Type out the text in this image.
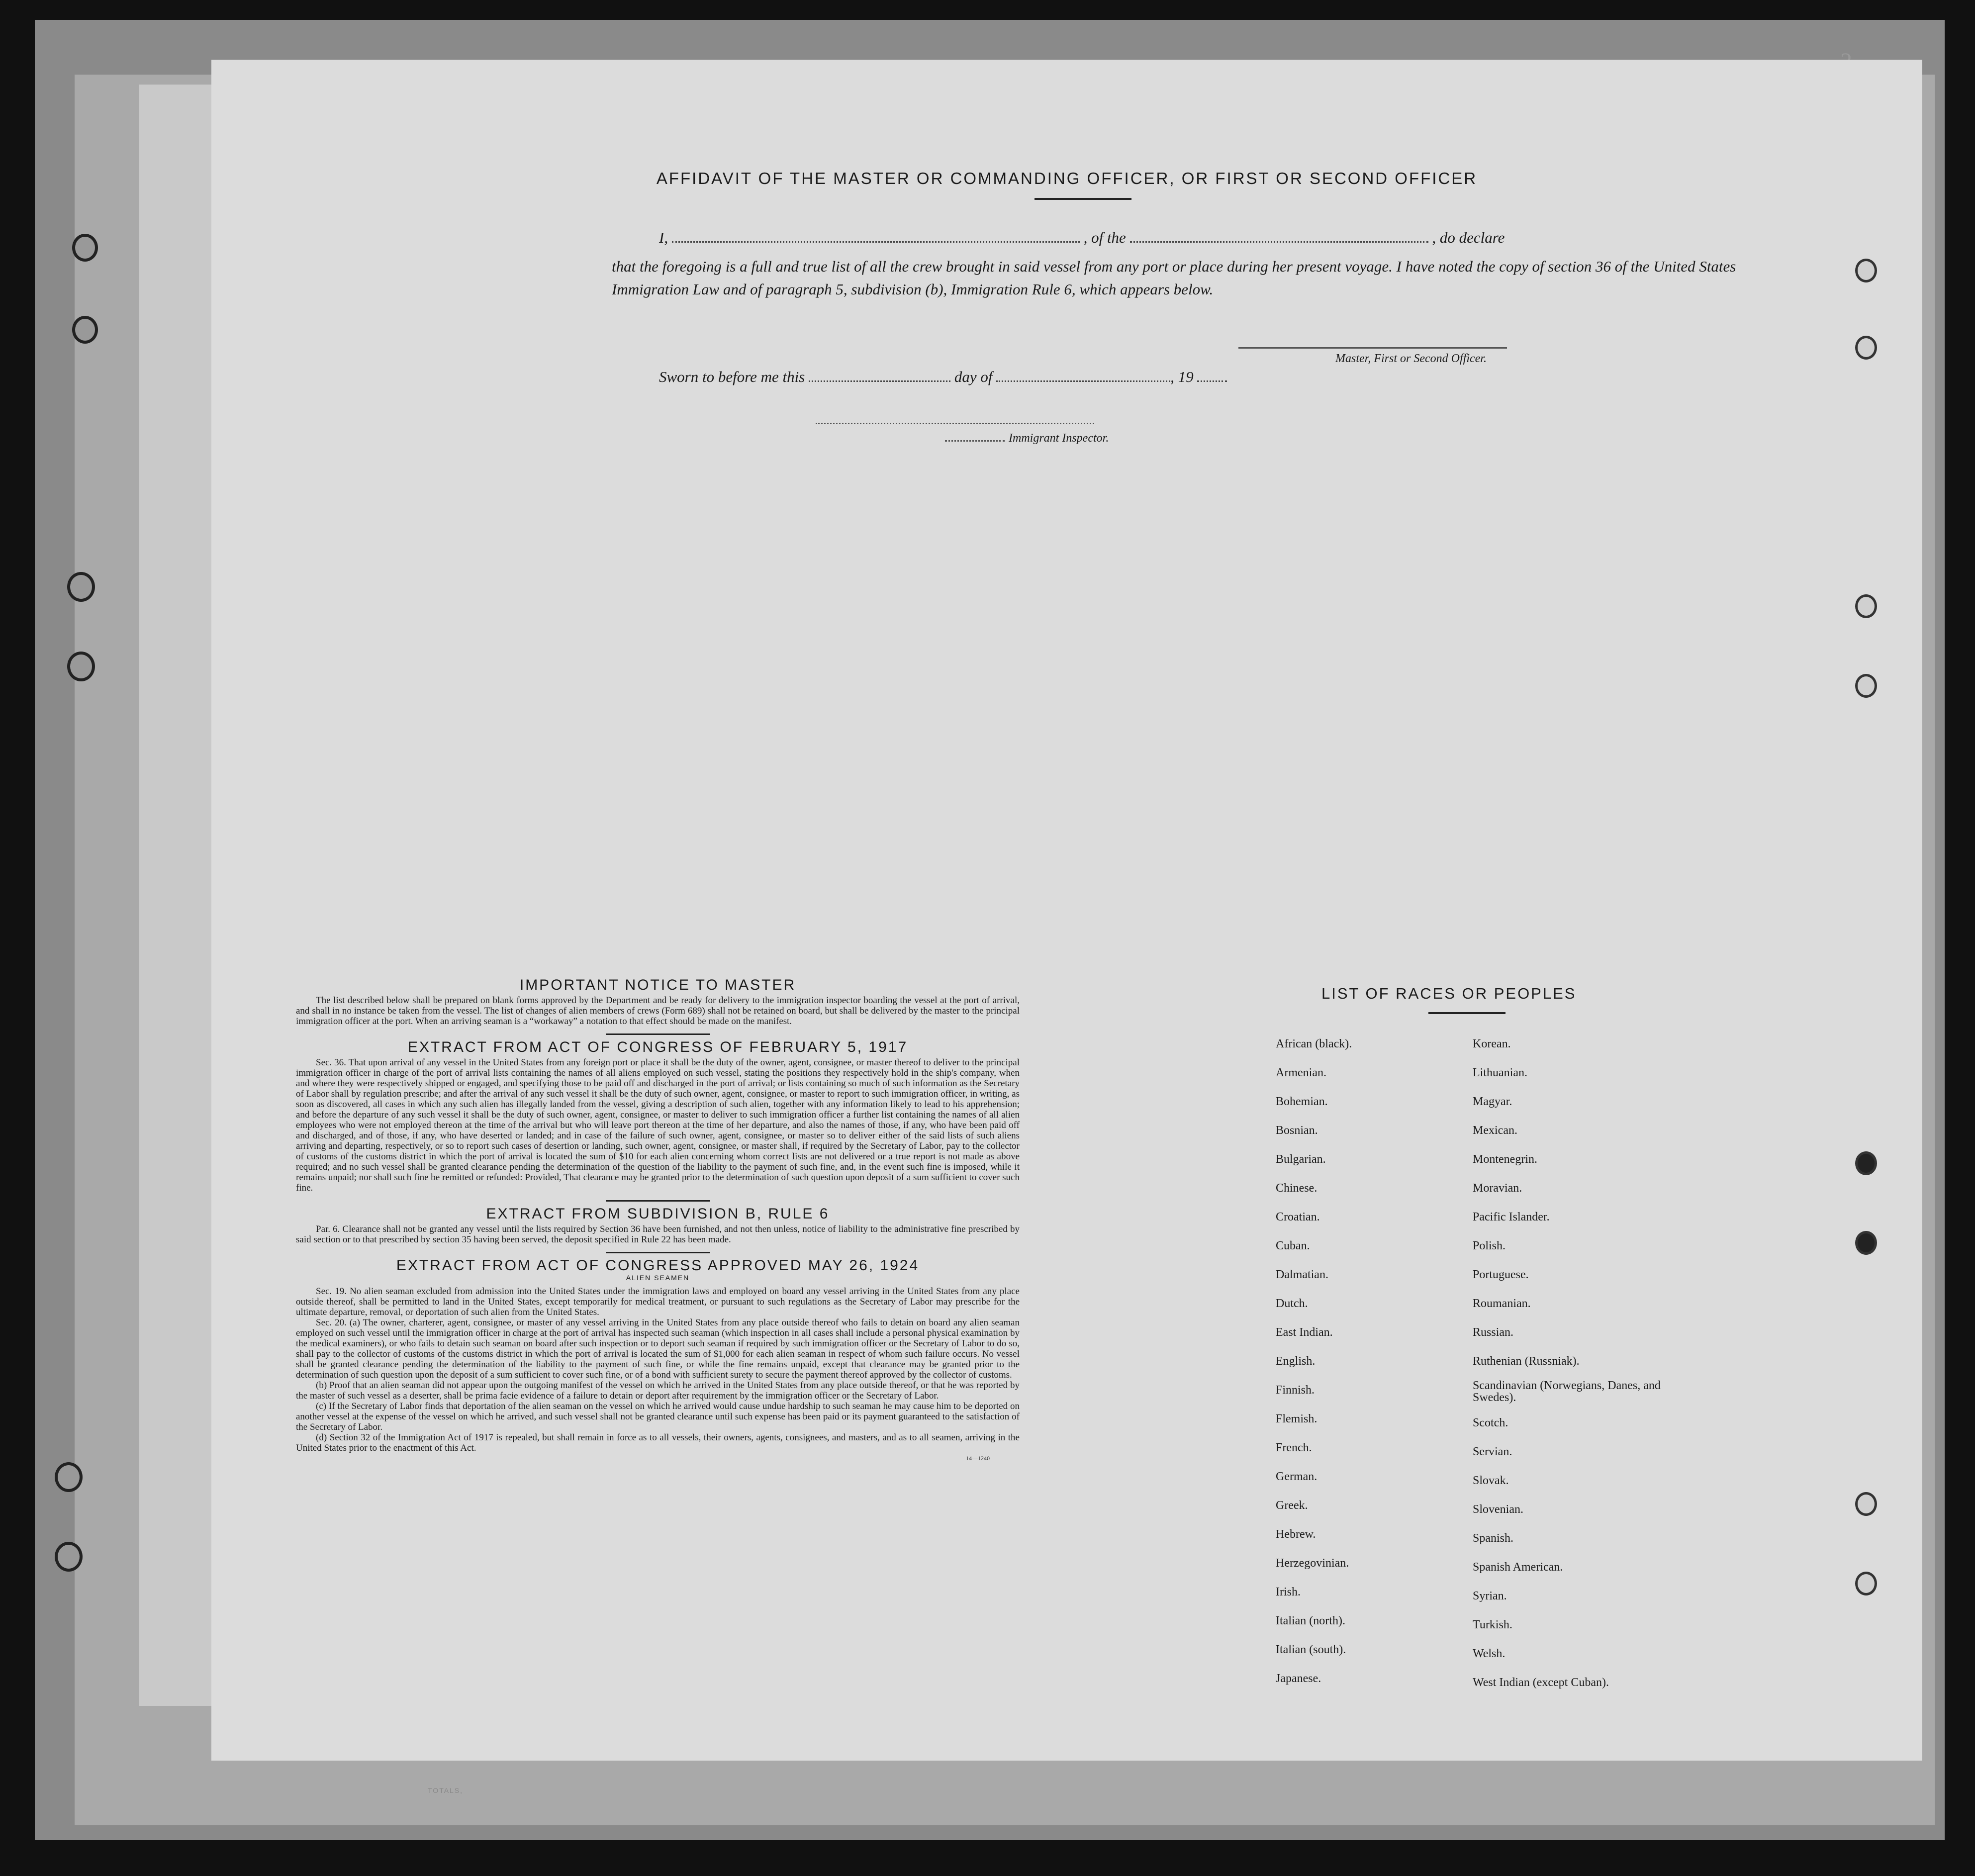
TOTALS,
AFFIDAVIT OF THE MASTER OR COMMANDING OFFICER, OR FIRST OR SECOND OFFICER
I,	, of the	, do declare
that the foregoing is a full and true list of all the crew brought in said vessel from any port or place during her present voyage. I have noted the copy of section 36 of the United States Immigration Law and of paragraph 5, subdivision (b), Immigration Rule 6, which appears below.
Master, First or Second Officer.
Sworn to before me this	day of	, 19
Immigrant Inspector.

IMPORTANT NOTICE TO MASTER

The list described below shall be prepared on blank forms approved by the Department and be ready for delivery to the immigration inspector boarding the vessel at the port of arrival, and shall in no instance be taken from the vessel. The list of changes of alien members of crews (Form 689) shall not be retained on board, but shall be delivered by the master to the principal immigration officer at the port. When an arriving seaman is a “workaway” a notation to that effect should be made on the manifest.

EXTRACT FROM ACT OF CONGRESS OF FEBRUARY 5, 1917

Sec. 36. That upon arrival of any vessel in the United States from any foreign port or place it shall be the duty of the owner, agent, consignee, or master thereof to deliver to the principal immigration officer in charge of the port of arrival lists containing the names of all aliens employed on such vessel, stating the positions they respectively hold in the ship's company, when and where they were respectively shipped or engaged, and specifying those to be paid off and discharged in the port of arrival; or lists containing so much of such information as the Secretary of Labor shall by regulation prescribe; and after the arrival of any such vessel it shall be the duty of such owner, agent, consignee, or master to report to such immigration officer, in writing, as soon as discovered, all cases in which any such alien has illegally landed from the vessel, giving a description of such alien, together with any information likely to lead to his apprehension; and before the departure of any such vessel it shall be the duty of such owner, agent, consignee, or master to deliver to such immigration officer a further list containing the names of all alien employees who were not employed thereon at the time of the arrival but who will leave port thereon at the time of her departure, and also the names of those, if any, who have been paid off and discharged, and of those, if any, who have deserted or landed; and in case of the failure of such owner, agent, consignee, or master so to deliver either of the said lists of such aliens arriving and departing, respectively, or so to report such cases of desertion or landing, such owner, agent, consignee, or master shall, if required by the Secretary of Labor, pay to the collector of customs of the customs district in which the port of arrival is located the sum of $10 for each alien concerning whom correct lists are not delivered or a true report is not made as above required; and no such vessel shall be granted clearance pending the determination of the question of the liability to the payment of such fine, and, in the event such fine is imposed, while it remains unpaid; nor shall such fine be remitted or refunded: Provided, That clearance may be granted prior to the determination of such question upon deposit of a sum sufficient to cover such fine.

EXTRACT FROM SUBDIVISION B, RULE 6

Par. 6. Clearance shall not be granted any vessel until the lists required by Section 36 have been furnished, and not then unless, notice of liability to the administrative fine prescribed by said section or to that prescribed by section 35 having been served, the deposit specified in Rule 22 has been made.

EXTRACT FROM ACT OF CONGRESS APPROVED MAY 26, 1924

ALIEN SEAMEN

Sec. 19. No alien seaman excluded from admission into the United States under the immigration laws and employed on board any vessel arriving in the United States from any place outside thereof, shall be permitted to land in the United States, except temporarily for medical treatment, or pursuant to such regulations as the Secretary of Labor may prescribe for the ultimate departure, removal, or deportation of such alien from the United States.

Sec. 20. (a) The owner, charterer, agent, consignee, or master of any vessel arriving in the United States from any place outside thereof who fails to detain on board any alien seaman employed on such vessel until the immigration officer in charge at the port of arrival has inspected such seaman (which inspection in all cases shall include a personal physical examination by the medical examiners), or who fails to detain such seaman on board after such inspection or to deport such seaman if required by such immigration officer or the Secretary of Labor to do so, shall pay to the collector of customs of the customs district in which the port of arrival is located the sum of $1,000 for each alien seaman in respect of whom such failure occurs. No vessel shall be granted clearance pending the determination of the liability to the payment of such fine, or while the fine remains unpaid, except that clearance may be granted prior to the determination of such question upon the deposit of a sum sufficient to cover such fine, or of a bond with sufficient surety to secure the payment thereof approved by the collector of customs.

(b) Proof that an alien seaman did not appear upon the outgoing manifest of the vessel on which he arrived in the United States from any place outside thereof, or that he was reported by the master of such vessel as a deserter, shall be prima facie evidence of a failure to detain or deport after requirement by the immigration officer or the Secretary of Labor.

(c) If the Secretary of Labor finds that deportation of the alien seaman on the vessel on which he arrived would cause undue hardship to such seaman he may cause him to be deported on another vessel at the expense of the vessel on which he arrived, and such vessel shall not be granted clearance until such expense has been paid or its payment guaranteed to the satisfaction of the Secretary of Labor.

(d) Section 32 of the Immigration Act of 1917 is repealed, but shall remain in force as to all vessels, their owners, agents, consignees, and masters, and as to all seamen, arriving in the United States prior to the enactment of this Act.

14—1240
LIST OF RACES OR PEOPLES
African (black).
Armenian.
Bohemian.
Bosnian.
Bulgarian.
Chinese.
Croatian.
Cuban.
Dalmatian.
Dutch.
East Indian.
English.
Finnish.
Flemish.
French.
German.
Greek.
Hebrew.
Herzegovinian.
Irish.
Italian (north).
Italian (south).
Japanese.
Korean.
Lithuanian.
Magyar.
Mexican.
Montenegrin.
Moravian.
Pacific Islander.
Polish.
Portuguese.
Roumanian.
Russian.
Ruthenian (Russniak).
Scandinavian (Norwegians, Danes, and Swedes).
Scotch.
Servian.
Slovak.
Slovenian.
Spanish.
Spanish American.
Syrian.
Turkish.
Welsh.
West Indian (except Cuban).
